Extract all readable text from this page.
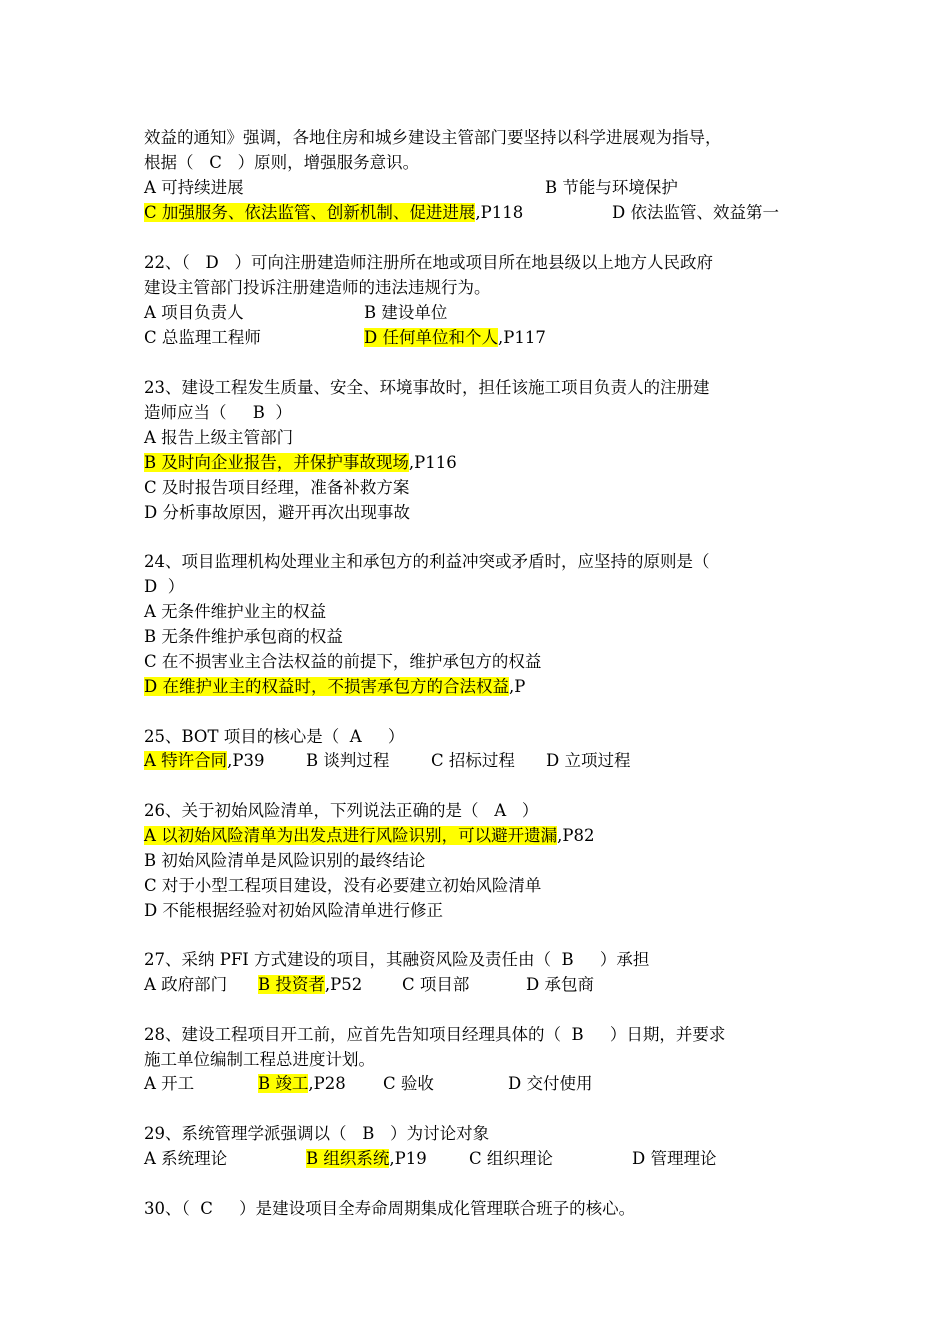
效益的通知》强调，各地住房和城乡建设主管部门要坚持以科学进展观为指导，
根据（   C   ）原则，增强服务意识。

A 可持续进展

	B 节能与环境保护

C 加强服务、依法监管、创新机制、促进进展,P118

	D 依法监管、效益第一

22、（   D   ）可向注册建造师注册所在地或项目所在地县级以上地方人民政府
建设主管部门投诉注册建造师的违法违规行为。

A 项目负责人

	B 建设单位

C 总监理工程师

	D 任何单位和个人,P117

23、建设工程发生质量、安全、环境事故时，担任该施工项目负责人的注册建
造师应当（     B  ）
A 报告上级主管部门
B 及时向企业报告，并保护事故现场,P116
C 及时报告项目经理，准备补救方案
D 分析事故原因，避开再次出现事故
24、项目监理机构处理业主和承包方的利益冲突或矛盾时，应坚持的原则是（
D  ）
A 无条件维护业主的权益
B 无条件维护承包商的权益
C 在不损害业主合法权益的前提下，维护承包方的权益
D 在维护业主的权益时，不损害承包方的合法权益,P
25、BOT 项目的核心是（  A     ）

A 特许合同,P39

	B 谈判过程

	C 招标过程

D 立项过程

26、关于初始风险清单，下列说法正确的是（   A   ）
A 以初始风险清单为出发点进行风险识别，可以避开遗漏,P82
B 初始风险清单是风险识别的最终结论
C 对于小型工程项目建设，没有必要建立初始风险清单
D 不能根据经验对初始风险清单进行修正
27、采纳 PFI 方式建设的项目，其融资风险及责任由（  B     ）承担

A 政府部门

B 投资者,P52

C 项目部

	D 承包商

28、建设工程项目开工前，应首先告知项目经理具体的（  B     ）日期，并要求
施工单位编制工程总进度计划。

A 开工

	B 竣工,P28

C 验收

	D 交付使用

29、系统管理学派强调以（   B   ）为讨论对象

A 系统理论

	B 组织系统,P19

	C 组织理论

	D 管理理论

30、（  C     ）是建设项目全寿命周期集成化管理联合班子的核心。
